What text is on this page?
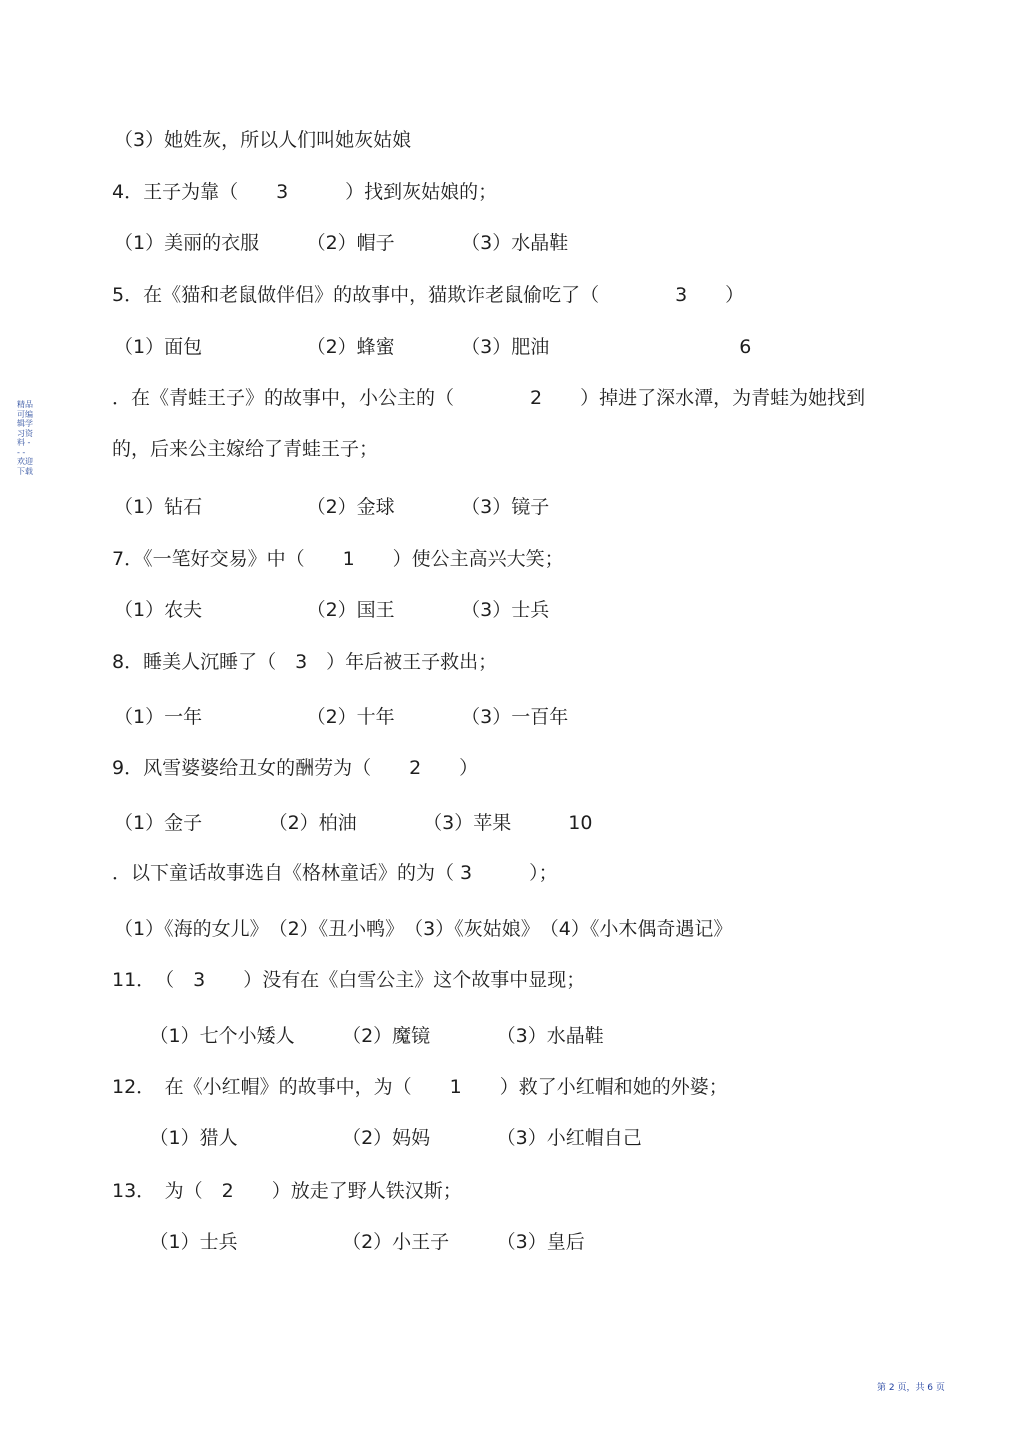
精品可编辑学习资料 - - - 欢迎下载
（3）她姓灰，所以人们叫她灰姑娘
4．王子为靠（　　3　　　）找到灰姑娘的；
（1）美丽的衣服　　　（2）帽子　　　　（3）水晶鞋
5．在《猫和老鼠做伴侣》的故事中，猫欺诈老鼠偷吃了（　　　　3　　）
（1）面包　　　　　　（2）蜂蜜　　　　（3）肥油　　　　　　　　　　6
．在《青蛙王子》的故事中，小公主的（　　　　2　　）掉进了深水潭，为青蛙为她找到
的，后来公主嫁给了青蛙王子；
（1）钻石　　　　　　（2）金球　　　　（3）镜子
7．《一笔好交易》中（　　1　　）使公主高兴大笑；
（1）农夫　　　　　　（2）国王　　　　（3）士兵
8．睡美人沉睡了（　3　）年后被王子救出；
（1）一年　　　　　　（2）十年　　　　（3）一百年
9．风雪婆婆给丑女的酬劳为（　　2　　）
（1）金子　　　　（2）柏油　　　　（3）苹果　　　10
．以下童话故事选自《格林童话》的为（ 3　　　）；
（1）《海的女儿》　（2）《丑小鸭》　（3）《灰姑娘》　（4）《小木偶奇遇记》
11．　（　3　　）没有在《白雪公主》这个故事中显现；
　（1）七个小矮人　　　（2）魔镜　　　　（3）水晶鞋
12．　在《小红帽》的故事中，为（　　1　　）救了小红帽和她的外婆；
　（1）猎人　　　　　　（2）妈妈　　　　（3）小红帽自己
13．　为（　2　　）放走了野人铁汉斯；
　（1）士兵　　　　　　（2）小王子　　　（3）皇后
第 2 页，共 6 页
